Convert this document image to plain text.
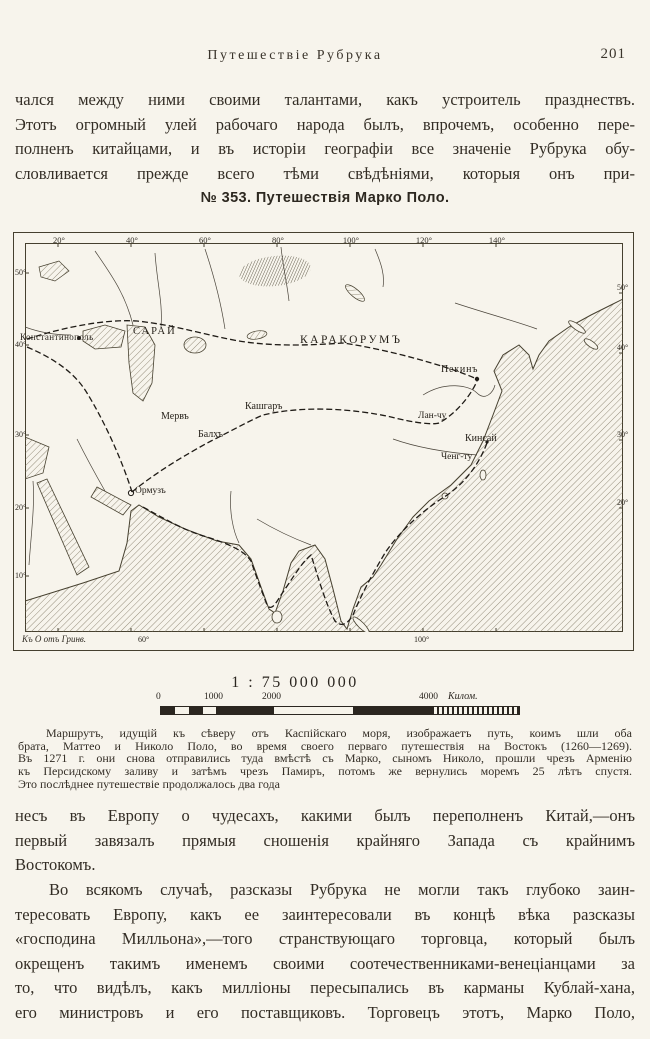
Путешествіе Рубрука	201
чался между ними своими талантами, какъ устроитель празднествъ.
Этотъ огромный улей рабочаго народа былъ, впрочемъ, особенно пере-
полненъ китайцами, и въ исторіи географіи все значеніе Рубрука обу-
словливается прежде всего тѣми свѣдѣніями, которыя онъ при-
№ 353. Путешествія Марко Поло.
20°	40°	60°	80°	100°	120°	140°
50°
40°
30°
20°
10°
50°
40°
30°
20°
Къ О отъ Гринв.	60°	100°
Константинополь	САРАЙ
КАРАКОРУМЪ
Пекинъ
Мервъ
Кашгаръ
Балхъ
Лан-чу
Кинсай
Ченг-ту
Ормузъ
1 : 75 000 000
0	1000	2000	4000 Килом.
Маршрутъ, идущій къ сѣверу отъ Каспійскаго моря, изображаетъ путь, коимъ шли оба
брата, Маттео и Николо Поло, во время своего перваго путешествія на Востокъ (1260—1269).
Въ 1271 г. они снова отправились туда вмѣстѣ съ Марко, сыномъ Николо, прошли чрезъ Арменію
къ Персидскому заливу и затѣмъ чрезъ Памиръ, потомъ же вернулись моремъ 25 лѣтъ спустя.
Это послѣднее путешествіе продолжалось два года
несъ въ Европу о чудесахъ, какими былъ переполненъ Китай,—онъ
первый завязалъ прямыя сношенія крайняго Запада съ крайнимъ
Востокомъ.
Во всякомъ случаѣ, разсказы Рубрука не могли такъ глубоко заин-
тересовать Европу, какъ ее заинтересовали въ концѣ вѣка разсказы
«господина Милльона»,—того странствующаго торговца, который былъ
окрещенъ такимъ именемъ своими соотечественниками-венеціанцами за
то, что видѣлъ, какъ милліоны пересыпались въ карманы Кублай-хана,
его министровъ и его поставщиковъ. Торговецъ этотъ, Марко Поло,
